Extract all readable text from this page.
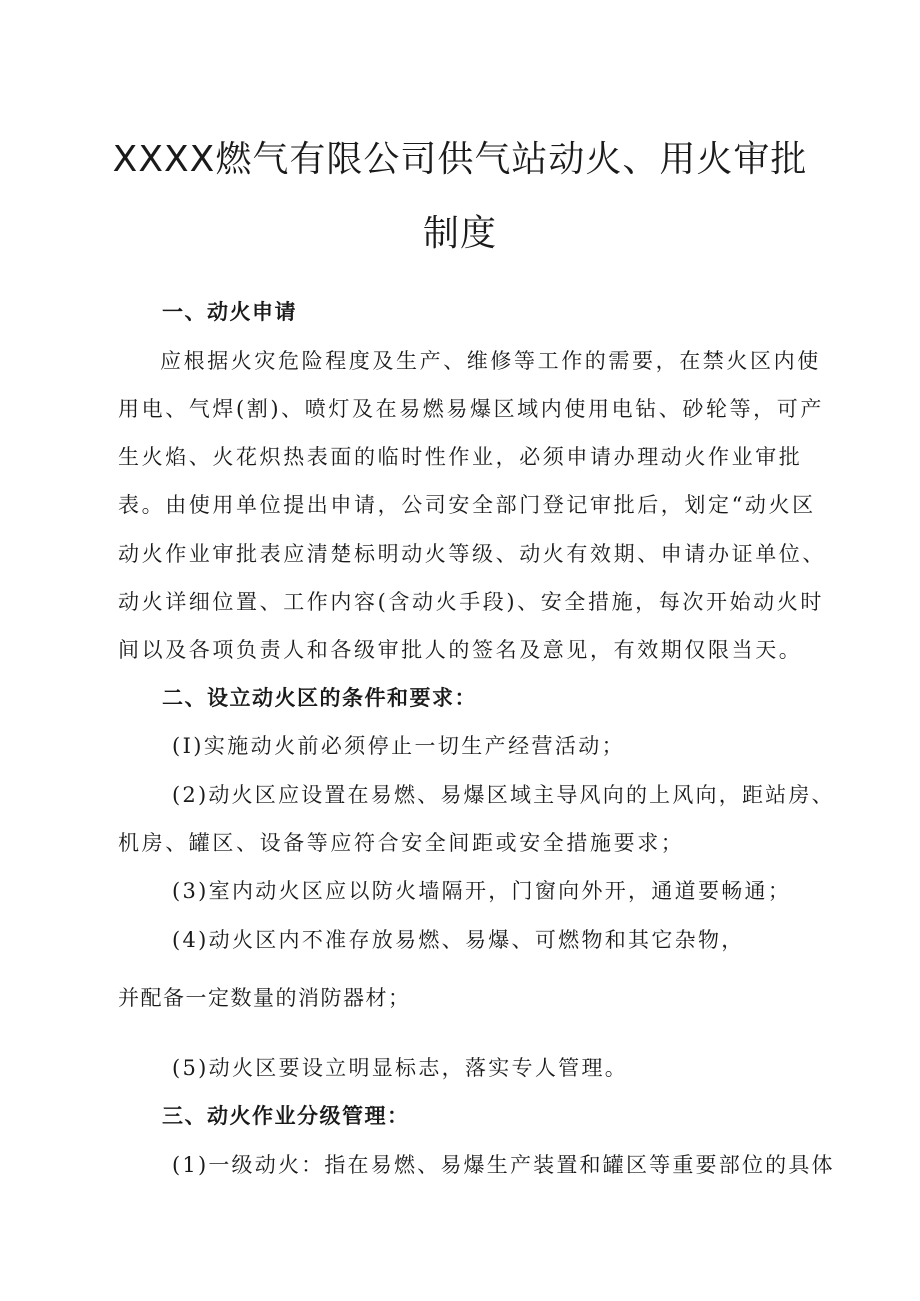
XXXX燃气有限公司供气站动火、用火审批
制度
一、动火申请
应根据火灾危险程度及生产、维修等工作的需要，在禁火区内使
用电、气焊(割)、喷灯及在易燃易爆区域内使用电钻、砂轮等，可产
生火焰、火花炽热表面的临时性作业，必须申请办理动火作业审批
表。由使用单位提出申请，公司安全部门登记审批后，划定“动火区
动火作业审批表应清楚标明动火等级、动火有效期、申请办证单位、
动火详细位置、工作内容(含动火手段)、安全措施，每次开始动火时
间以及各项负责人和各级审批人的签名及意见，有效期仅限当天。
二、设立动火区的条件和要求：
(I)实施动火前必须停止一切生产经营活动；
(2)动火区应设置在易燃、易爆区域主导风向的上风向，距站房、
机房、罐区、设备等应符合安全间距或安全措施要求；
(3)室内动火区应以防火墙隔开，门窗向外开，通道要畅通；
(4)动火区内不准存放易燃、易爆、可燃物和其它杂物，
并配备一定数量的消防器材；
(5)动火区要设立明显标志，落实专人管理。
三、动火作业分级管理：
(1)一级动火：指在易燃、易爆生产装置和罐区等重要部位的具体
